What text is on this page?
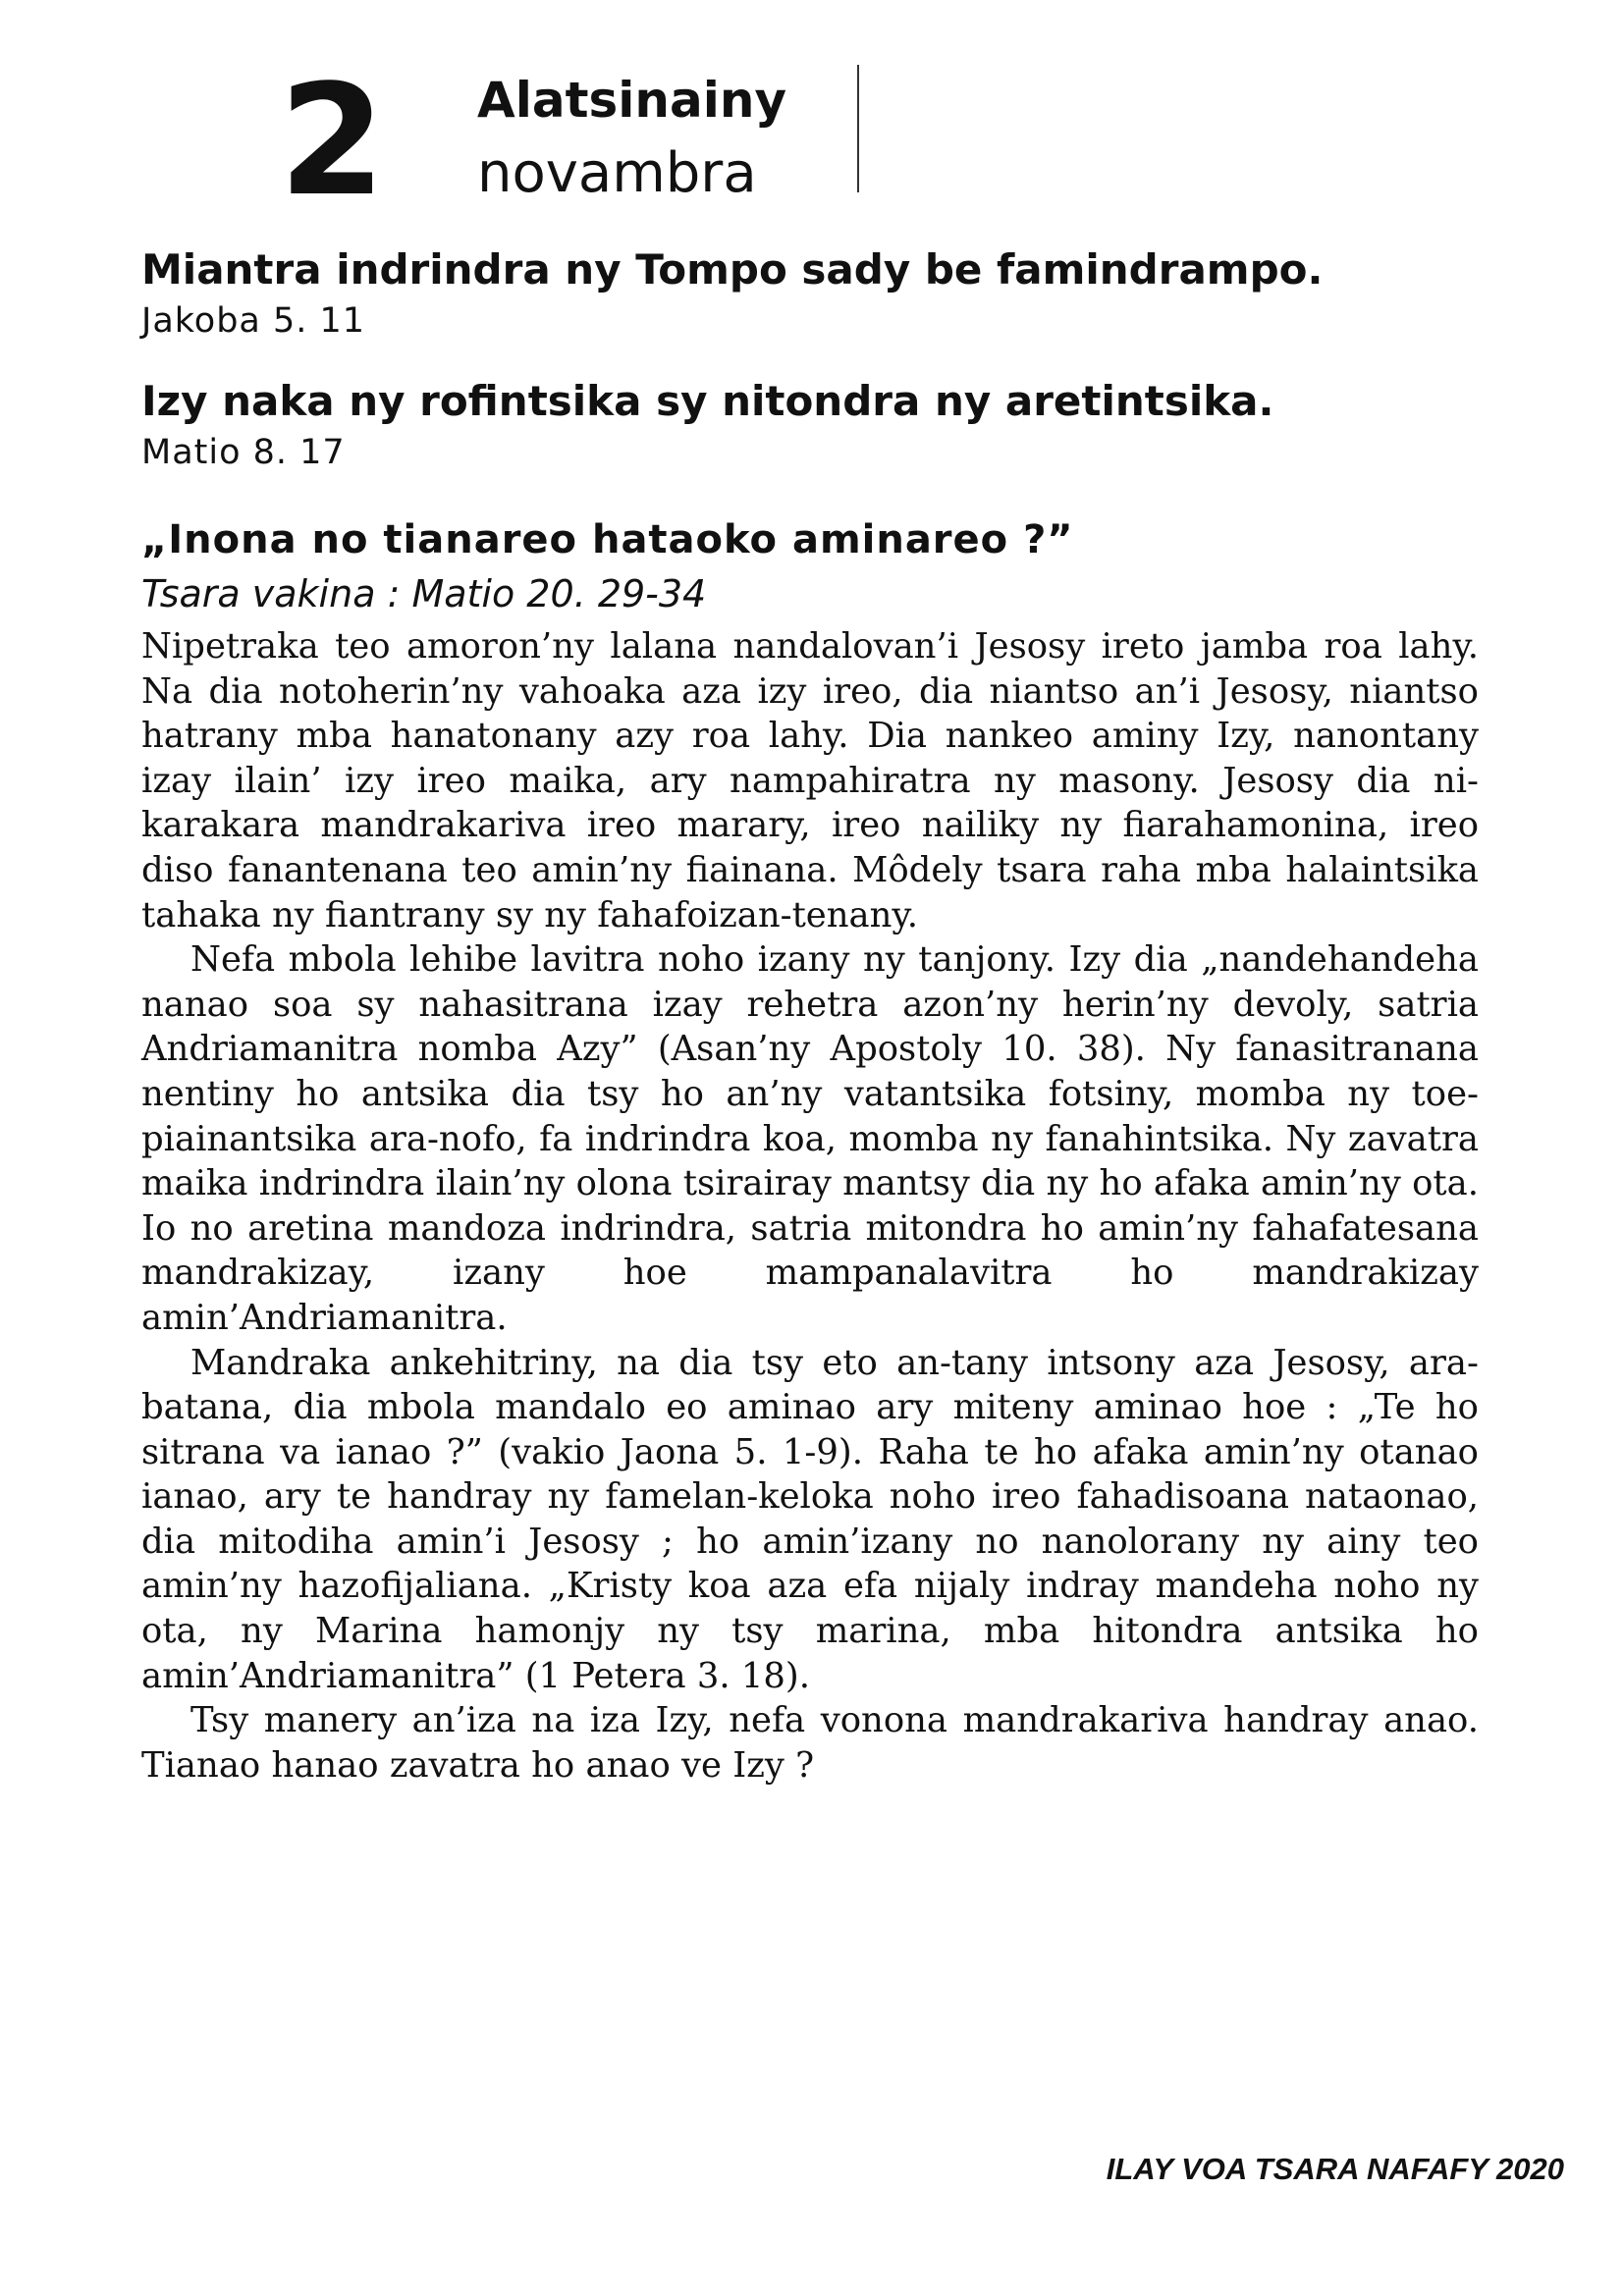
2 Alatsinainy
novambra
Miantra indrindra ny Tompo sady be famindrampo.
Jakoba 5. 11
Izy naka ny rofintsika sy nitondra ny aretintsika.
Matio 8. 17
„Inona no tianareo hataoko aminareo ?”
Tsara vakina : Matio 20. 29-34

Nipetraka teo amoron’ny lalana nandalovan’i Jesosy ireto jamba roa lahy. Na dia notoherin’ny vahoaka aza izy ireo, dia niantso an’i Jesosy, niantso hatrany mba hanatonany azy roa lahy. Dia nankeo aminy Izy, nanontany izay ilain’ izy ireo maika, ary nampahiratra ny masony. Jesosy dia nikarakara mandrakariva ireo marary, ireo nailiky ny fiarahamonina, ireo diso fanantenana teo amin’ny fiainana. Môdely tsara raha mba halaintsika tahaka ny fiantrany sy ny fahafoizan-tenany.

Nefa mbola lehibe lavitra noho izany ny tanjony. Izy dia „nandehandeha nanao soa sy nahasitrana izay rehetra azon’ny herin’ny devoly, satria Andriamanitra nomba Azy” (Asan’ny Apostoly 10. 38). Ny fanasitranana nentiny ho antsika dia tsy ho an’ny vatantsika fotsiny, momba ny toepiainantsika ara-nofo, fa indrindra koa, momba ny fanahintsika. Ny zavatra maika indrindra ilain’ny olona tsirairay mantsy dia ny ho afaka amin’ny ota. Io no aretina mandoza indrindra, satria mitondra ho amin’ny fahafatesana mandrakizay, izany hoe mampanalavitra ho mandrakizay amin’Andriamanitra.

Mandraka ankehitriny, na dia tsy eto an-tany intsony aza Jesosy, ara-batana, dia mbola mandalo eo aminao ary miteny aminao hoe : „Te ho sitrana va ianao ?” (vakio Jaona 5. 1-9). Raha te ho afaka amin’ny otanao ianao, ary te handray ny famelan-keloka noho ireo fahadisoana nataonao, dia mitodiha amin’i Jesosy ; ho amin’izany no nanolorany ny ainy teo amin’ny hazofijaliana. „Kristy koa aza efa nijaly indray mandeha noho ny ota, ny Marina hamonjy ny tsy marina, mba hitondra antsika ho amin’Andriamanitra” (1 Petera 3. 18).

Tsy manery an’iza na iza Izy, nefa vonona mandrakariva handray anao. Tianao hanao zavatra ho anao ve Izy ?

ILAY VOA TSARA NAFAFY 2020
